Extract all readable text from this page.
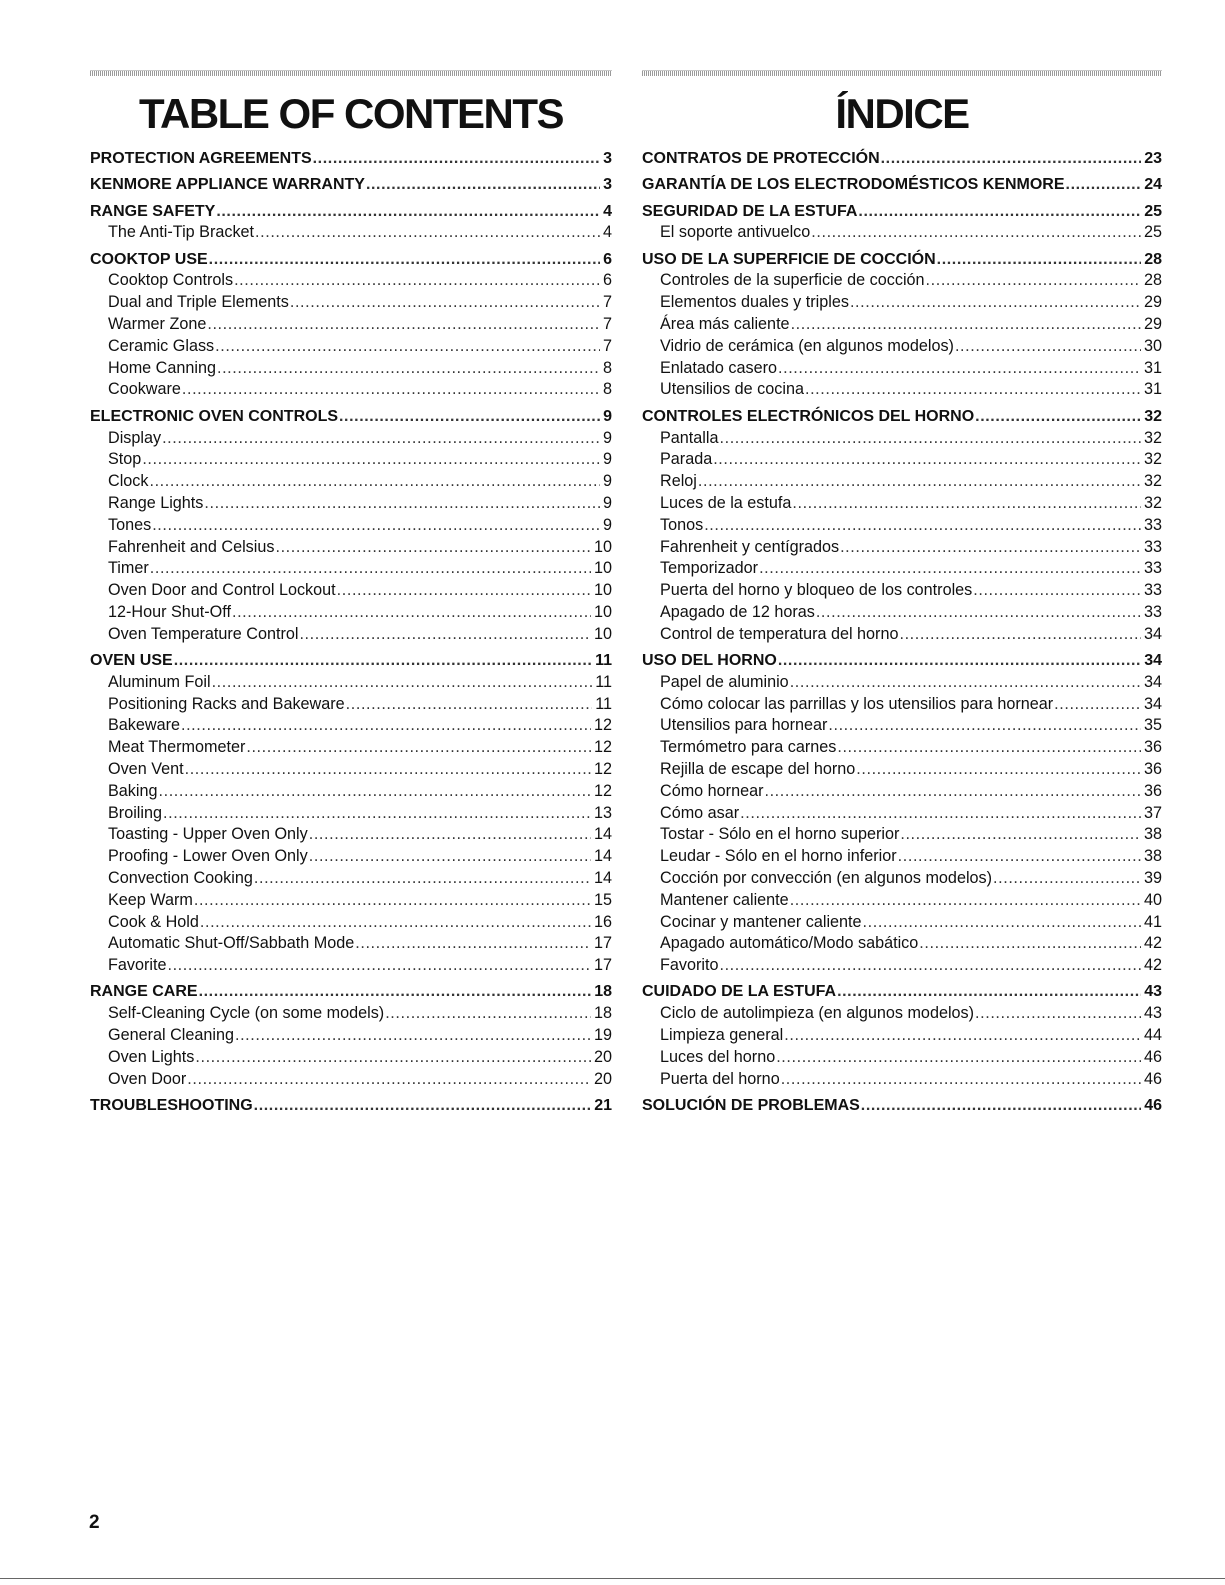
TABLE OF CONTENTS
PROTECTION AGREEMENTS .....	3
KENMORE APPLIANCE WARRANTY .....	3
RANGE SAFETY .....	4
The Anti-Tip Bracket .....	4
COOKTOP USE .....	6
Cooktop Controls .....	6
Dual and Triple Elements .....	7
Warmer Zone .....	7
Ceramic Glass .....	7
Home Canning .....	8
Cookware .....	8
ELECTRONIC OVEN CONTROLS .....	9
Display .....	9
Stop .....	9
Clock .....	9
Range Lights .....	9
Tones .....	9
Fahrenheit and Celsius .....	10
Timer .....	10
Oven Door and Control Lockout .....	10
12-Hour Shut-Off .....	10
Oven Temperature Control .....	10
OVEN USE .....	11
Aluminum Foil .....	11
Positioning Racks and Bakeware .....	11
Bakeware .....	12
Meat Thermometer .....	12
Oven Vent .....	12
Baking .....	12
Broiling .....	13
Toasting - Upper Oven Only .....	14
Proofing - Lower Oven Only .....	14
Convection Cooking .....	14
Keep Warm .....	15
Cook & Hold .....	16
Automatic Shut-Off/Sabbath Mode .....	17
Favorite .....	17
RANGE CARE .....	18
Self-Cleaning Cycle (on some models) .....	18
General Cleaning .....	19
Oven Lights .....	20
Oven Door .....	20
TROUBLESHOOTING .....	21
ÍNDICE
CONTRATOS DE PROTECCIÓN .....	23
GARANTÍA DE LOS ELECTRODOMÉSTICOS KENMORE .....	24
SEGURIDAD DE LA ESTUFA .....	25
El soporte antivuelco .....	25
USO DE LA SUPERFICIE DE COCCIÓN .....	28
Controles de la superficie de cocción .....	28
Elementos duales y triples .....	29
Área más caliente .....	29
Vidrio de cerámica (en algunos modelos) .....	30
Enlatado casero .....	31
Utensilios de cocina .....	31
CONTROLES ELECTRÓNICOS DEL HORNO .....	32
Pantalla .....	32
Parada .....	32
Reloj .....	32
Luces de la estufa .....	32
Tonos .....	33
Fahrenheit y centígrados .....	33
Temporizador .....	33
Puerta del horno y bloqueo de los controles .....	33
Apagado de 12 horas .....	33
Control de temperatura del horno .....	34
USO DEL HORNO .....	34
Papel de aluminio .....	34
Cómo colocar las parrillas y los utensilios para hornear .....	34
Utensilios para hornear .....	35
Termómetro para carnes .....	36
Rejilla de escape del horno .....	36
Cómo hornear .....	36
Cómo asar .....	37
Tostar - Sólo en el horno superior .....	38
Leudar - Sólo en el horno inferior .....	38
Cocción por convección (en algunos modelos) .....	39
Mantener caliente .....	40
Cocinar y mantener caliente .....	41
Apagado automático/Modo sabático .....	42
Favorito .....	42
CUIDADO DE LA ESTUFA .....	43
Ciclo de autolimpieza (en algunos modelos) .....	43
Limpieza general .....	44
Luces del horno .....	46
Puerta del horno .....	46
SOLUCIÓN DE PROBLEMAS .....	46
2
